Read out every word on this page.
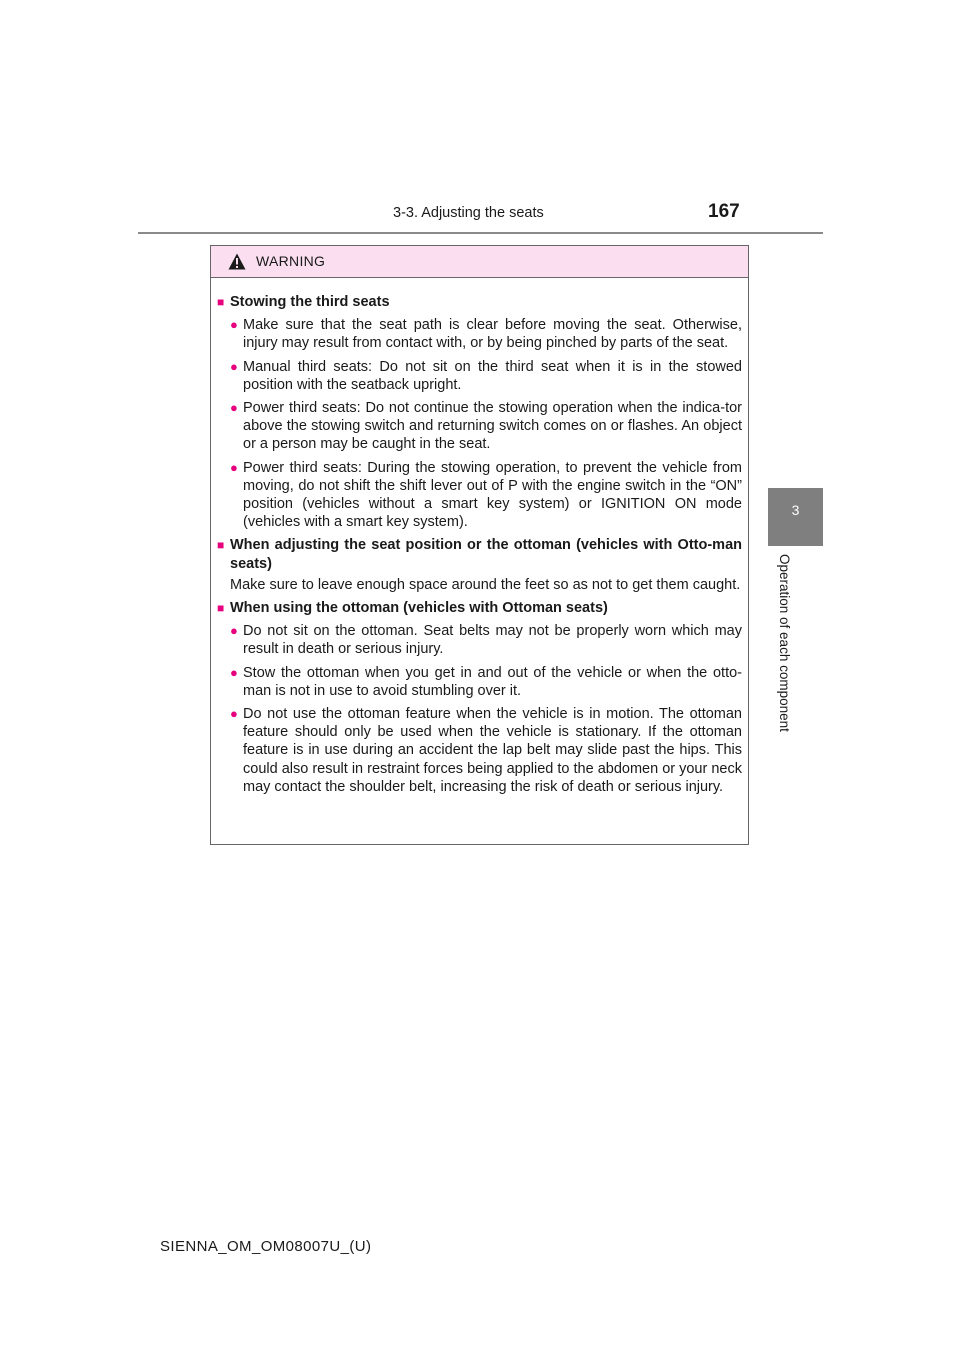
3-3. Adjusting the seats	167
3
Operation of each component
WARNING
■ Stowing the third seats
● Make sure that the seat path is clear before moving the seat. Otherwise, injury may result from contact with, or by being pinched by parts of the seat.
● Manual third seats: Do not sit on the third seat when it is in the stowed position with the seatback upright.
● Power third seats: Do not continue the stowing operation when the indica-tor above the stowing switch and returning switch comes on or flashes. An object or a person may be caught in the seat.
● Power third seats: During the stowing operation, to prevent the vehicle from moving, do not shift the shift lever out of P with the engine switch in the “ON” position (vehicles without a smart key system) or IGNITION ON mode (vehicles with a smart key system).
■ When adjusting the seat position or the ottoman (vehicles with Otto-man seats)
Make sure to leave enough space around the feet so as not to get them caught.
■ When using the ottoman (vehicles with Ottoman seats)
● Do not sit on the ottoman. Seat belts may not be properly worn which may result in death or serious injury.
● Stow the ottoman when you get in and out of the vehicle or when the otto-man is not in use to avoid stumbling over it.
● Do not use the ottoman feature when the vehicle is in motion. The ottoman feature should only be used when the vehicle is stationary. If the ottoman feature is in use during an accident the lap belt may slide past the hips. This could also result in restraint forces being applied to the abdomen or your neck may contact the shoulder belt, increasing the risk of death or serious injury.
SIENNA_OM_OM08007U_(U)
